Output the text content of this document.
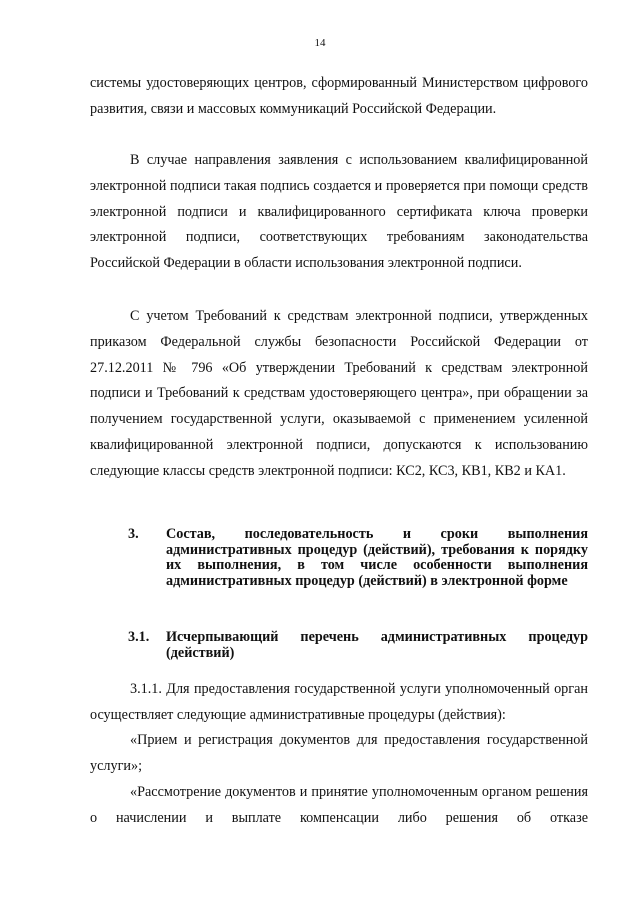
14

системы удостоверяющих центров, сформированный Министерством цифрового развития, связи и массовых коммуникаций Российской Федерации.

В случае направления заявления с использованием квалифицированной электронной подписи такая подпись создается и проверяется при помощи средств электронной подписи и квалифицированного сертификата ключа проверки электронной подписи, соответствующих требованиям законодательства Российской Федерации в области использования электронной подписи.

С учетом Требований к средствам электронной подписи, утвержденных приказом Федеральной службы безопасности Российской Федерации от 27.12.2011 № 796 «Об утверждении Требований к средствам электронной подписи и Требований к средствам удостоверяющего центра», при обращении за получением государственной услуги, оказываемой с применением усиленной квалифицированной электронной подписи, допускаются к использованию следующие классы средств электронной подписи: КС2, КС3, КВ1, КВ2 и КА1.

3. Состав, последовательность и сроки выполнения административных процедур (действий), требования к порядку их выполнения, в том числе особенности выполнения административных процедур (действий) в электронной форме
3.1. Исчерпывающий перечень административных процедур (действий)

3.1.1. Для предоставления государственной услуги уполномоченный орган осуществляет следующие административные процедуры (действия):

«Прием и регистрация документов для предоставления государственной услуги»;

«Рассмотрение документов и принятие уполномоченным органом решения о начислении и выплате компенсации либо решения об отказе
